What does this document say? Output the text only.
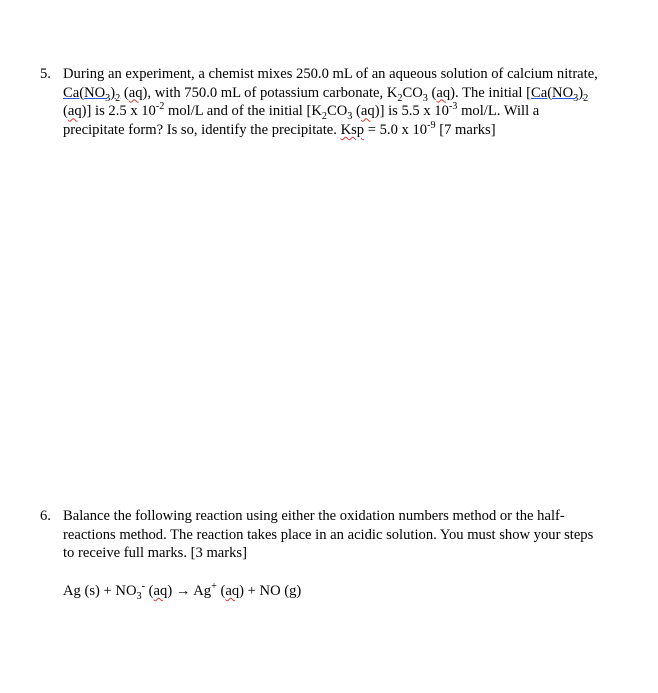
5. During an experiment, a chemist mixes 250.0 mL of an aqueous solution of calcium nitrate, $Ca(NO_3)_2$ (aq), with 750.0 mL of potassium carbonate, $K_2CO_3$ (aq). The initial [$Ca(NO_3)_2$ (aq)] is 2.5 x $10^{-2}$ mol/L and of the initial [$K_2CO_3$ (aq)] is 5.5 x $10^{-3}$ mol/L. Will a precipitate form? Is so, identify the precipitate. Ksp = 5.0 x $10^{-9}$ [7 marks]
6. Balance the following reaction using either the oxidation numbers method or the half-reactions method. The reaction takes place in an acidic solution. You must show your steps to receive full marks. [3 marks]
Ag $(s) + NO_3^-$ (aq) → Ag+ (aq) + NO (g)
